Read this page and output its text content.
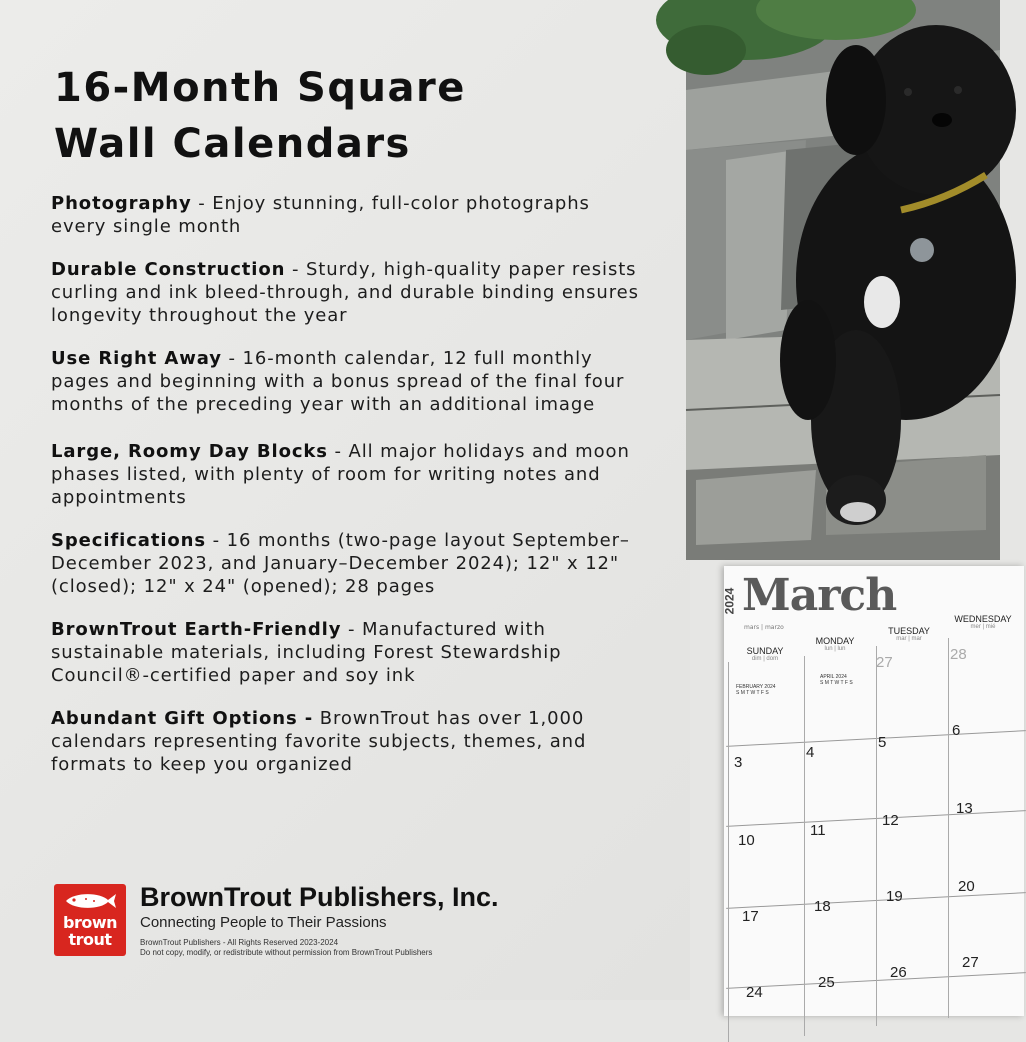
16-Month Square
Wall Calendars

Photography - Enjoy stunning, full-color photographs every single month

Durable Construction - Sturdy, high-quality paper resists curling and ink bleed-through, and durable binding ensures longevity throughout the year

Use Right Away - 16-month calendar, 12 full monthly pages and beginning with a bonus spread of the final four months of the preceding year with an additional image

Large, Roomy Day Blocks - All major holidays and moon phases listed, with plenty of room for writing notes and appointments

Specifications - 16 months (two-page layout September–December 2023, and January–December 2024); 12" x 12" (closed); 12" x 24" (opened); 28 pages

BrownTrout Earth-Friendly - Manufactured with sustainable materials, including Forest Stewardship Council®-certified paper and soy ink

Abundant Gift Options - BrownTrout has over 1,000 calendars representing favorite subjects, themes, and formats to keep you organized

brown
trout
BrownTrout Publishers, Inc.
Connecting People to Their Passions
BrownTrout Publishers - All Rights Reserved 2023-2024
Do not copy, modify, or redistribute without permission from BrownTrout Publishers
2024 March
mars | marzo
SUNDAY
dim | dom
MONDAY
lun | lun
TUESDAY
mar | mar
WEDNESDAY
mer | mié
FEBRUARY 2024
S M T W T F S
APRIL 2024
S M T W T F S
27	28
3
4
5
6
10
11
12
13
17
18
19
20
24
25
26
27
